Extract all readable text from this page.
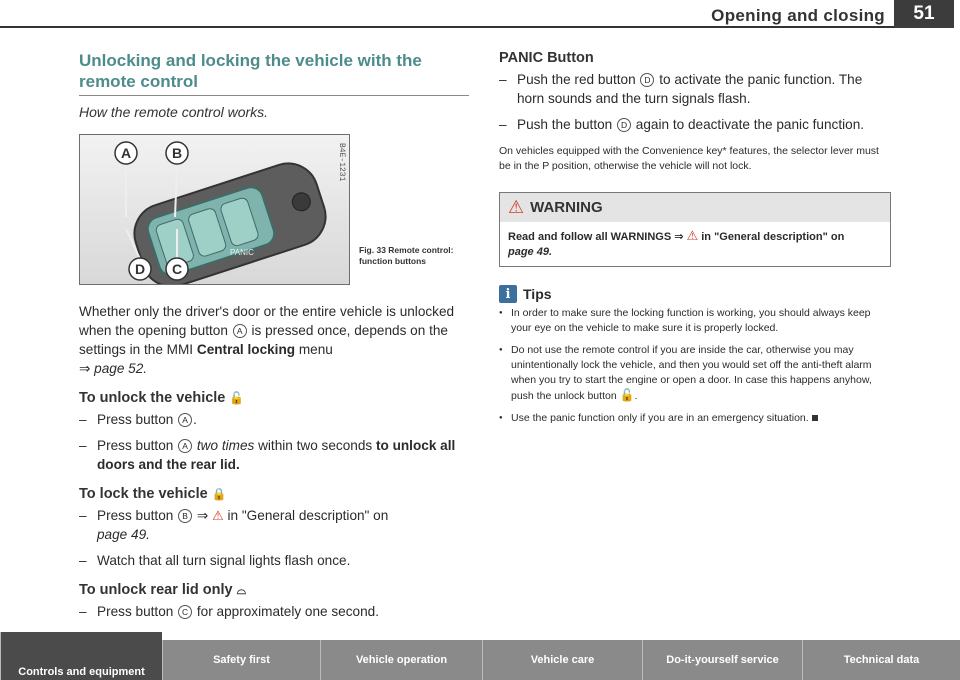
Opening and closing	51
Unlocking and locking the vehicle with the remote control

How the remote control works.

PANIC
A	B
C
D
B4E-1231
Fig. 33 Remote control: function buttons

Whether only the driver's door or the entire vehicle is unlocked when the opening button A is pressed once, depends on the settings in the MMI Central locking menu
⇒ page 52.

To unlock the vehicle 🔓
– Press button A .
– Press button A two times within two seconds to unlock all doors and the rear lid.
To lock the vehicle 🔒
– Press button B ⇒ ⚠ in "General description" on
page 49.
– Watch that all turn signal lights flash once.
To unlock rear lid only ⌓
– Press button C for approximately one second.
PANIC Button
– Push the red button D to activate the panic function. The horn sounds and the turn signals flash.
– Push the button D again to deactivate the panic function.

On vehicles equipped with the Convenience key* features, the selector lever must be in the P position, otherwise the vehicle will not lock.

⚠ WARNING
Read and follow all WARNINGS ⇒ ⚠ in "General description" on
page 49.
i Tips
● In order to make sure the locking function is working, you should always keep your eye on the vehicle to make sure it is properly locked.
● Do not use the remote control if you are inside the car, otherwise you may unintentionally lock the vehicle, and then you would set off the anti-theft alarm when you try to start the engine or open a door. In case this happens anyhow, push the unlock button 🔓.
● Use the panic function only if you are in an emergency situation.
Controls and equipment
Safety first	Vehicle operation	Vehicle care	Do-it-yourself service	Technical data
